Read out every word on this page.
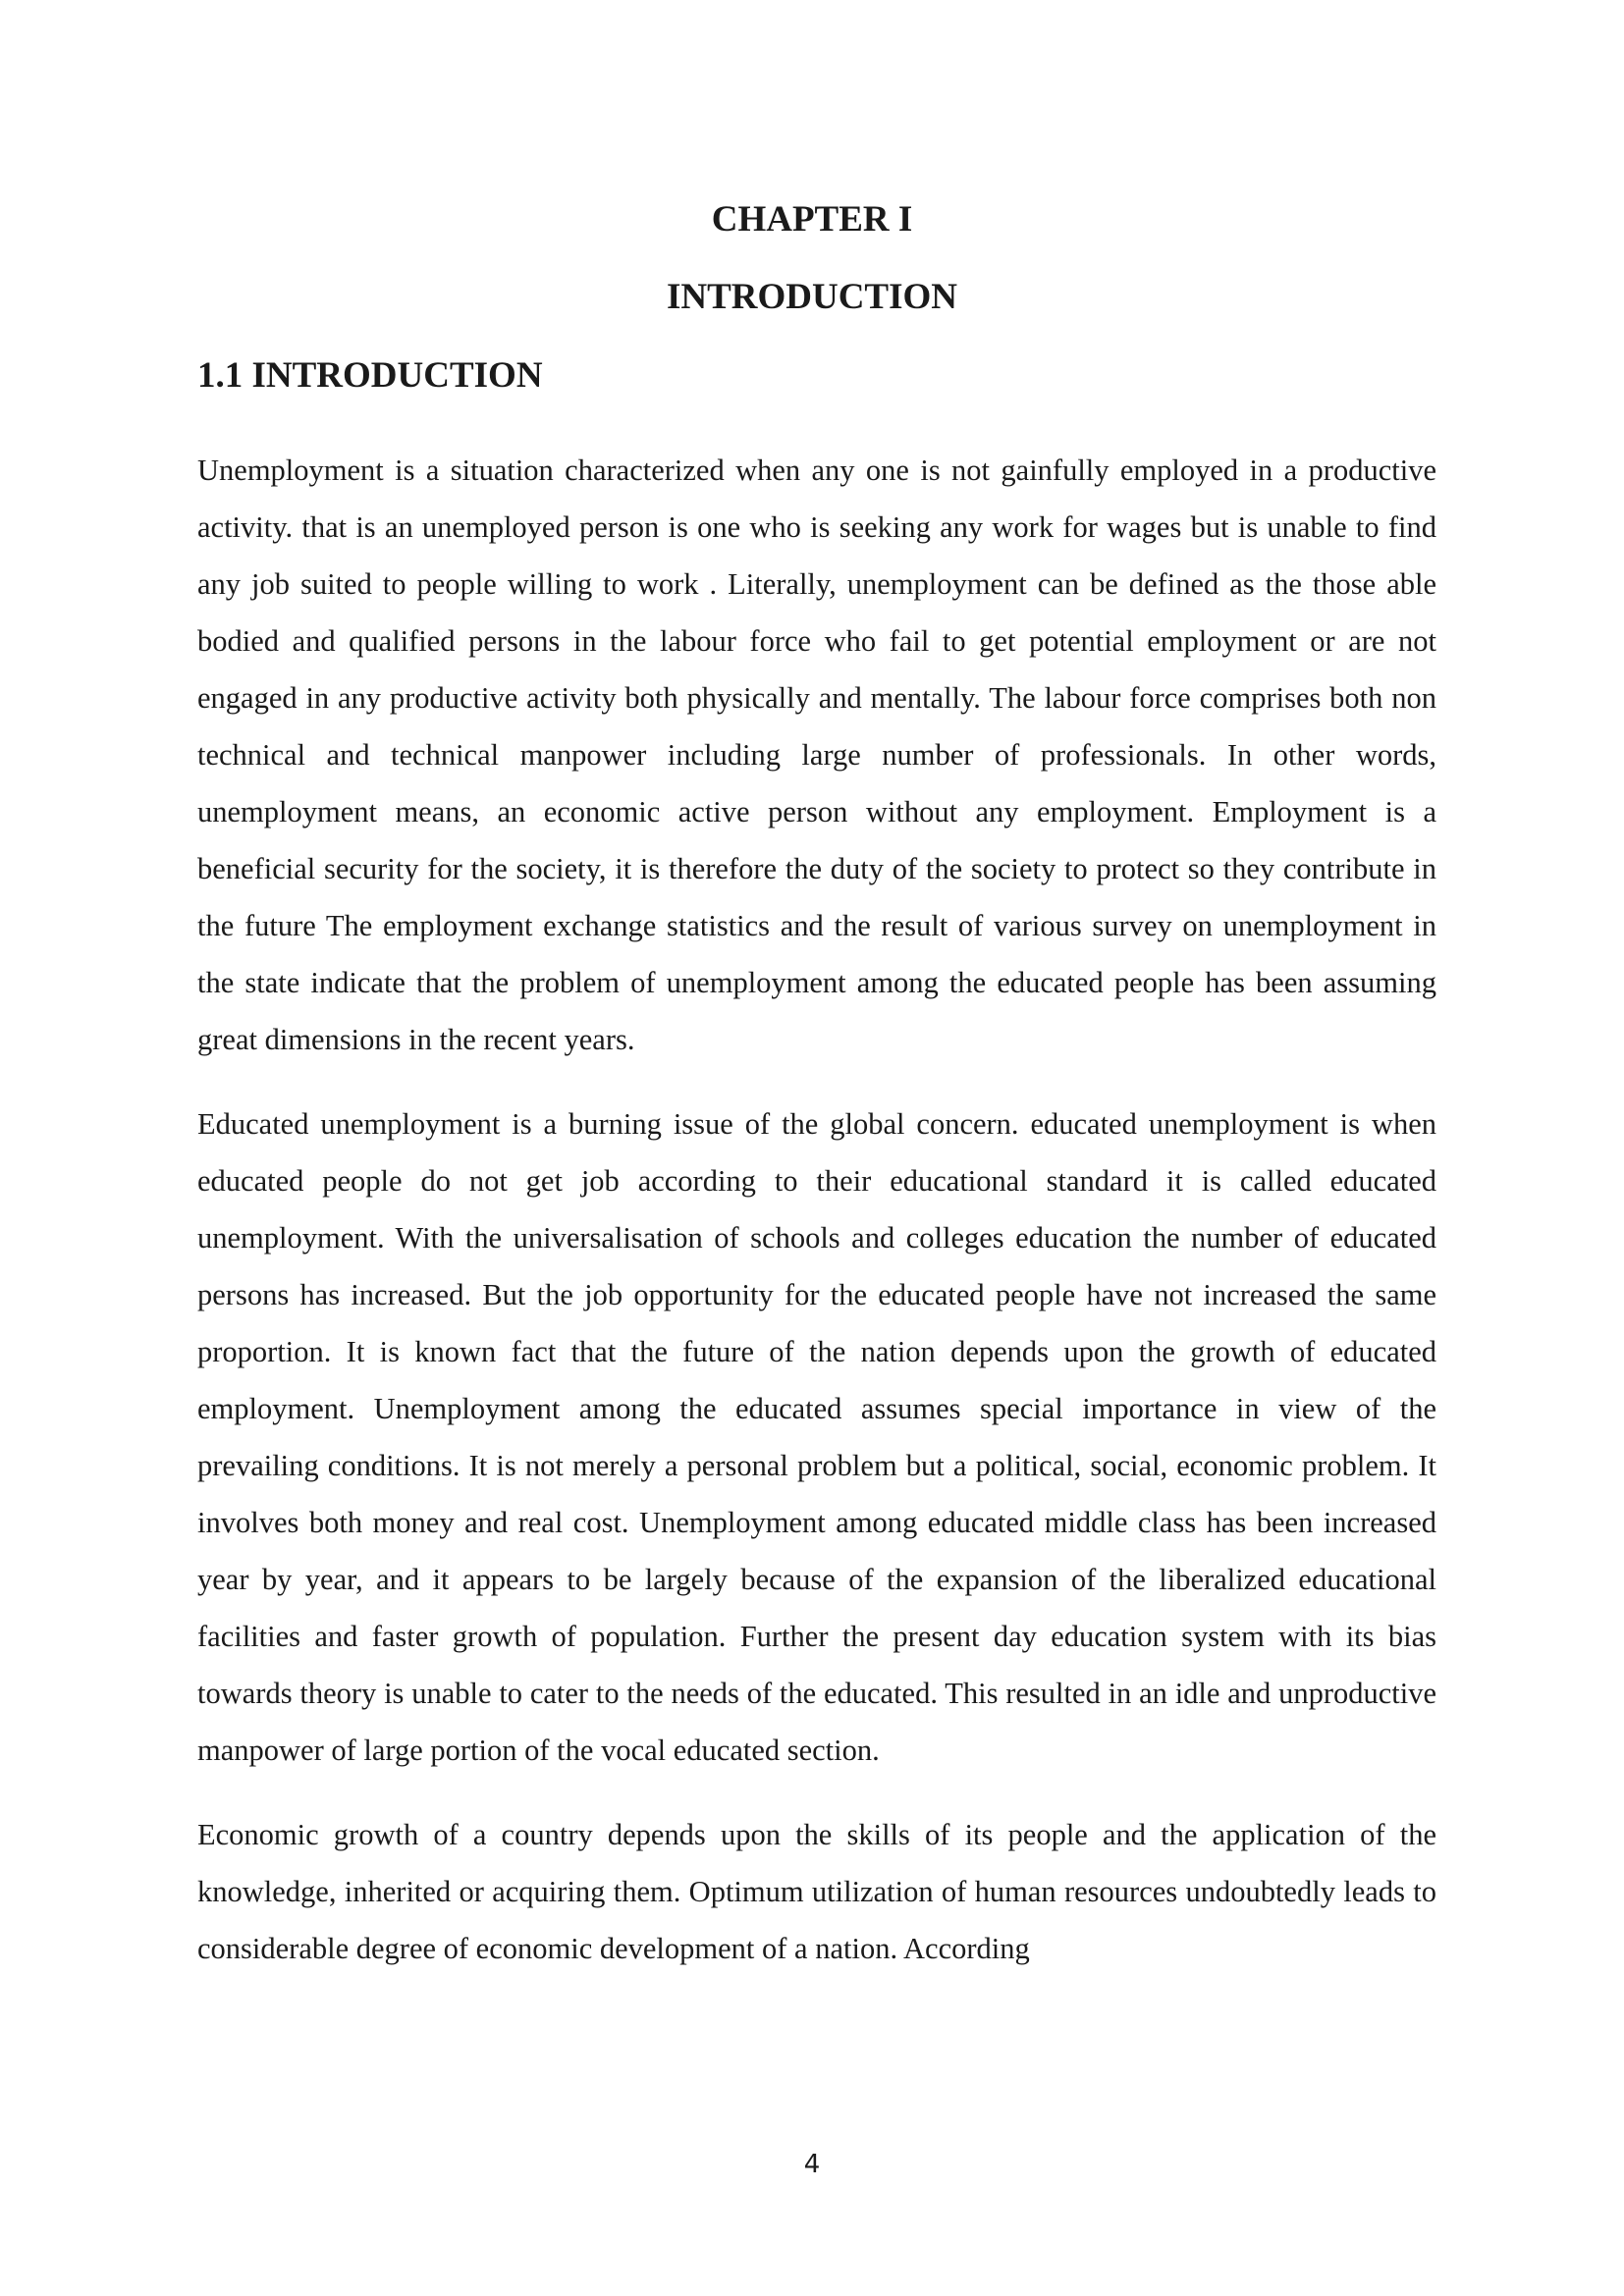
CHAPTER I
INTRODUCTION
1.1 INTRODUCTION

Unemployment is a situation characterized when any one is not gainfully employed in a productive activity. that is an unemployed person is one who is seeking any work for wages but is unable to find any job suited to people willing to work . Literally, unemployment can be defined as the those able bodied and qualified persons in the labour force who fail to get potential employment or are not engaged in any productive activity both physically and mentally. The labour force comprises both non technical and technical manpower including large number of professionals. In other words, unemployment means, an economic active person without any employment. Employment is a beneficial security for the society, it is therefore the duty of the society to protect so they contribute in the future The employment exchange statistics and the result of various survey on unemployment in the state indicate that the problem of unemployment among the educated people has been assuming great dimensions in the recent years.

Educated unemployment is a burning issue of the global concern. educated unemployment is when educated people do not get job according to their educational standard it is called educated unemployment. With the universalisation of schools and colleges education the number of educated persons has increased. But the job opportunity for the educated people have not increased the same proportion. It is known fact that the future of the nation depends upon the growth of educated employment. Unemployment among the educated assumes special importance in view of the prevailing conditions. It is not merely a personal problem but a political, social, economic problem. It involves both money and real cost. Unemployment among educated middle class has been increased year by year, and it appears to be largely because of the expansion of the liberalized educational facilities and faster growth of population. Further the present day education system with its bias towards theory is unable to cater to the needs of the educated. This resulted in an idle and unproductive manpower of large portion of the vocal educated section.

Economic growth of a country depends upon the skills of its people and the application of the knowledge, inherited or acquiring them. Optimum utilization of human resources undoubtedly leads to considerable degree of economic development of a nation. According

4
